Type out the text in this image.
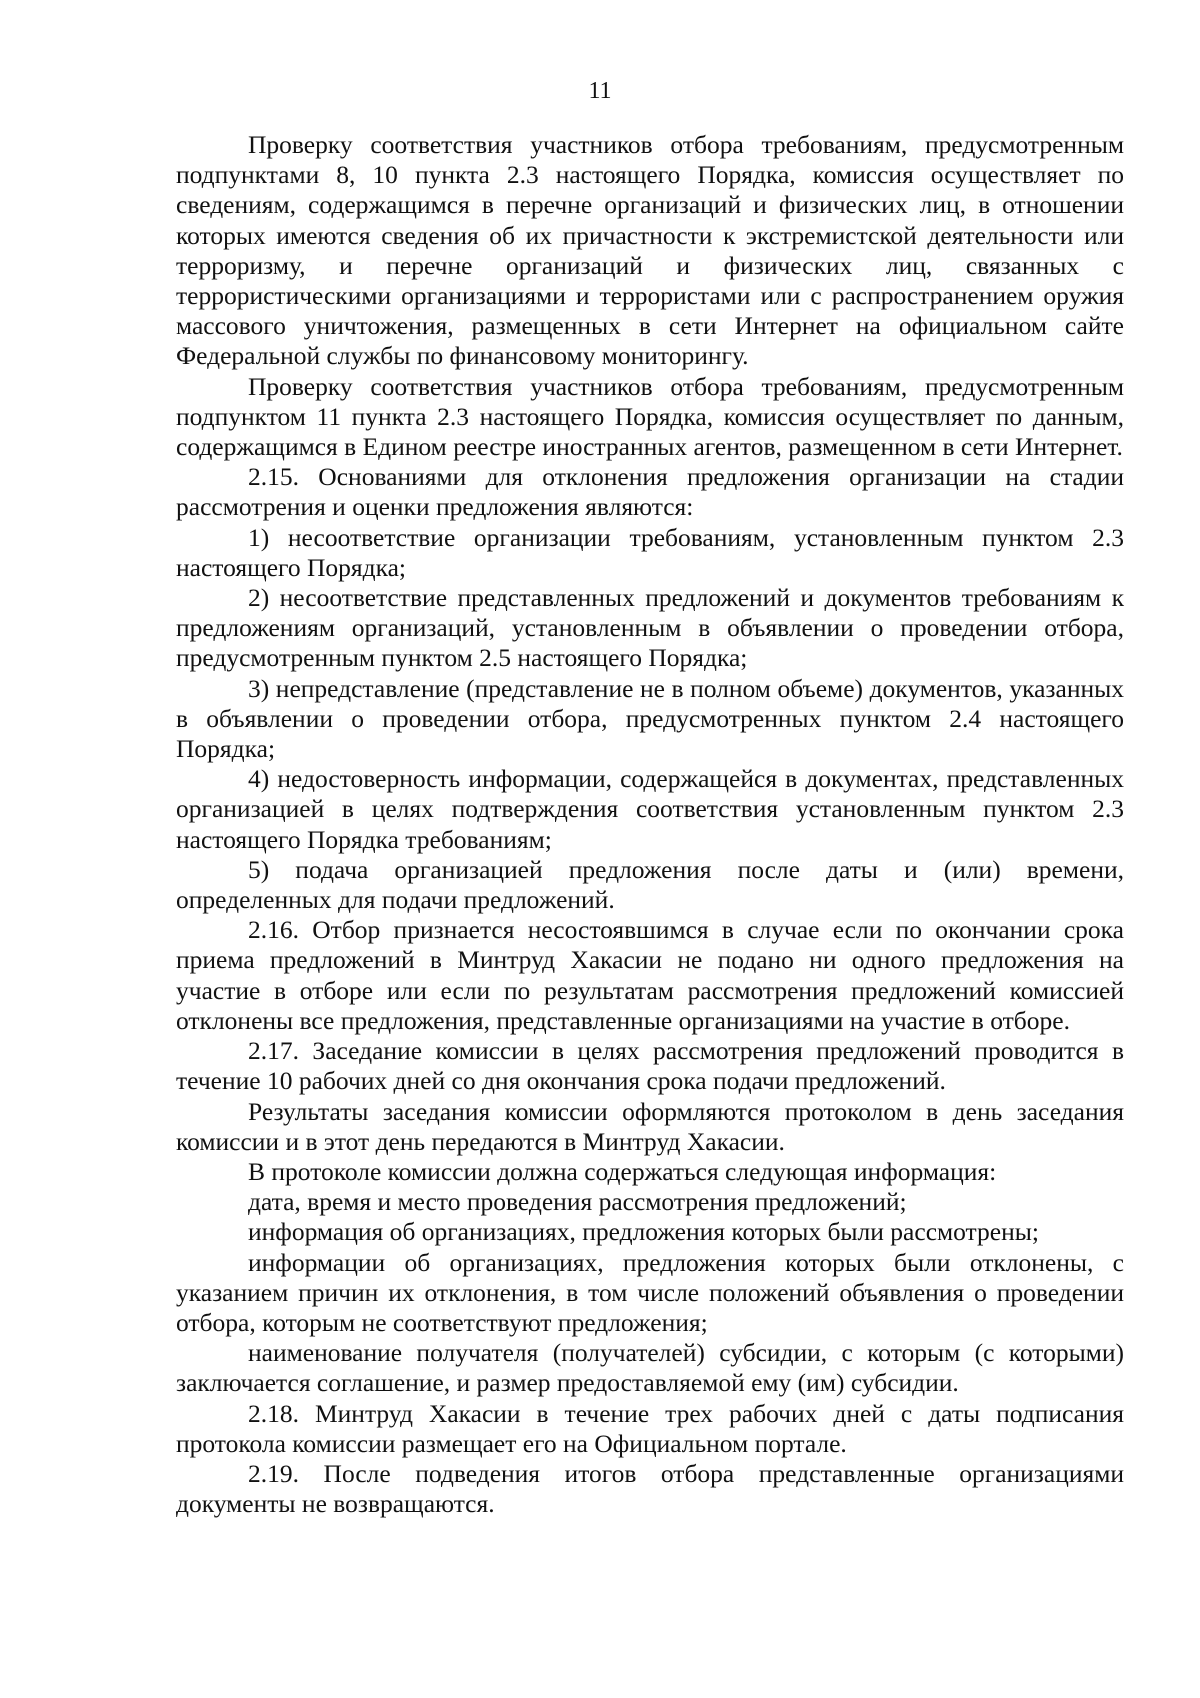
11

Проверку соответствия участников отбора требованиям, предусмотренным подпунктами 8, 10 пункта 2.3 настоящего Порядка, комиссия осуществляет по сведениям, содержащимся в перечне организаций и физических лиц, в отношении которых имеются сведения об их причастности к экстремистской деятельности или терроризму, и перечне организаций и физических лиц, связанных с террористическими организациями и террористами или с распространением оружия массового уничтожения, размещенных в сети Интернет на официальном сайте Федеральной службы по финансовому мониторингу.

Проверку соответствия участников отбора требованиям, предусмотренным подпунктом 11 пункта 2.3 настоящего Порядка, комиссия осуществляет по данным, содержащимся в Едином реестре иностранных агентов, размещенном в сети Интернет.

2.15. Основаниями для отклонения предложения организации на стадии рассмотрения и оценки предложения являются:

1) несоответствие организации требованиям, установленным пунктом 2.3 настоящего Порядка;

2) несоответствие представленных предложений и документов требованиям к предложениям организаций, установленным в объявлении о проведении отбора, предусмотренным пунктом 2.5 настоящего Порядка;

3) непредставление (представление не в полном объеме) документов, указанных в объявлении о проведении отбора, предусмотренных пунктом 2.4 настоящего Порядка;

4) недостоверность информации, содержащейся в документах, представленных организацией в целях подтверждения соответствия установленным пунктом 2.3 настоящего Порядка требованиям;

5) подача организацией предложения после даты и (или) времени, определенных для подачи предложений.

2.16. Отбор признается несостоявшимся в случае если по окончании срока приема предложений в Минтруд Хакасии не подано ни одного предложения на участие в отборе или если по результатам рассмотрения предложений комиссией отклонены все предложения, представленные организациями на участие в отборе.

2.17. Заседание комиссии в целях рассмотрения предложений проводится в течение 10 рабочих дней со дня окончания срока подачи предложений.

Результаты заседания комиссии оформляются протоколом в день заседания комиссии и в этот день передаются в Минтруд Хакасии.

В протоколе комиссии должна содержаться следующая информация:

дата, время и место проведения рассмотрения предложений;

информация об организациях, предложения которых были рассмотрены;

информации об организациях, предложения которых были отклонены, с указанием причин их отклонения, в том числе положений объявления о проведении отбора, которым не соответствуют предложения;

наименование получателя (получателей) субсидии, с которым (с которыми) заключается соглашение, и размер предоставляемой ему (им) субсидии.

2.18. Минтруд Хакасии в течение трех рабочих дней с даты подписания протокола комиссии размещает его на Официальном портале.

2.19. После подведения итогов отбора представленные организациями документы не возвращаются.
